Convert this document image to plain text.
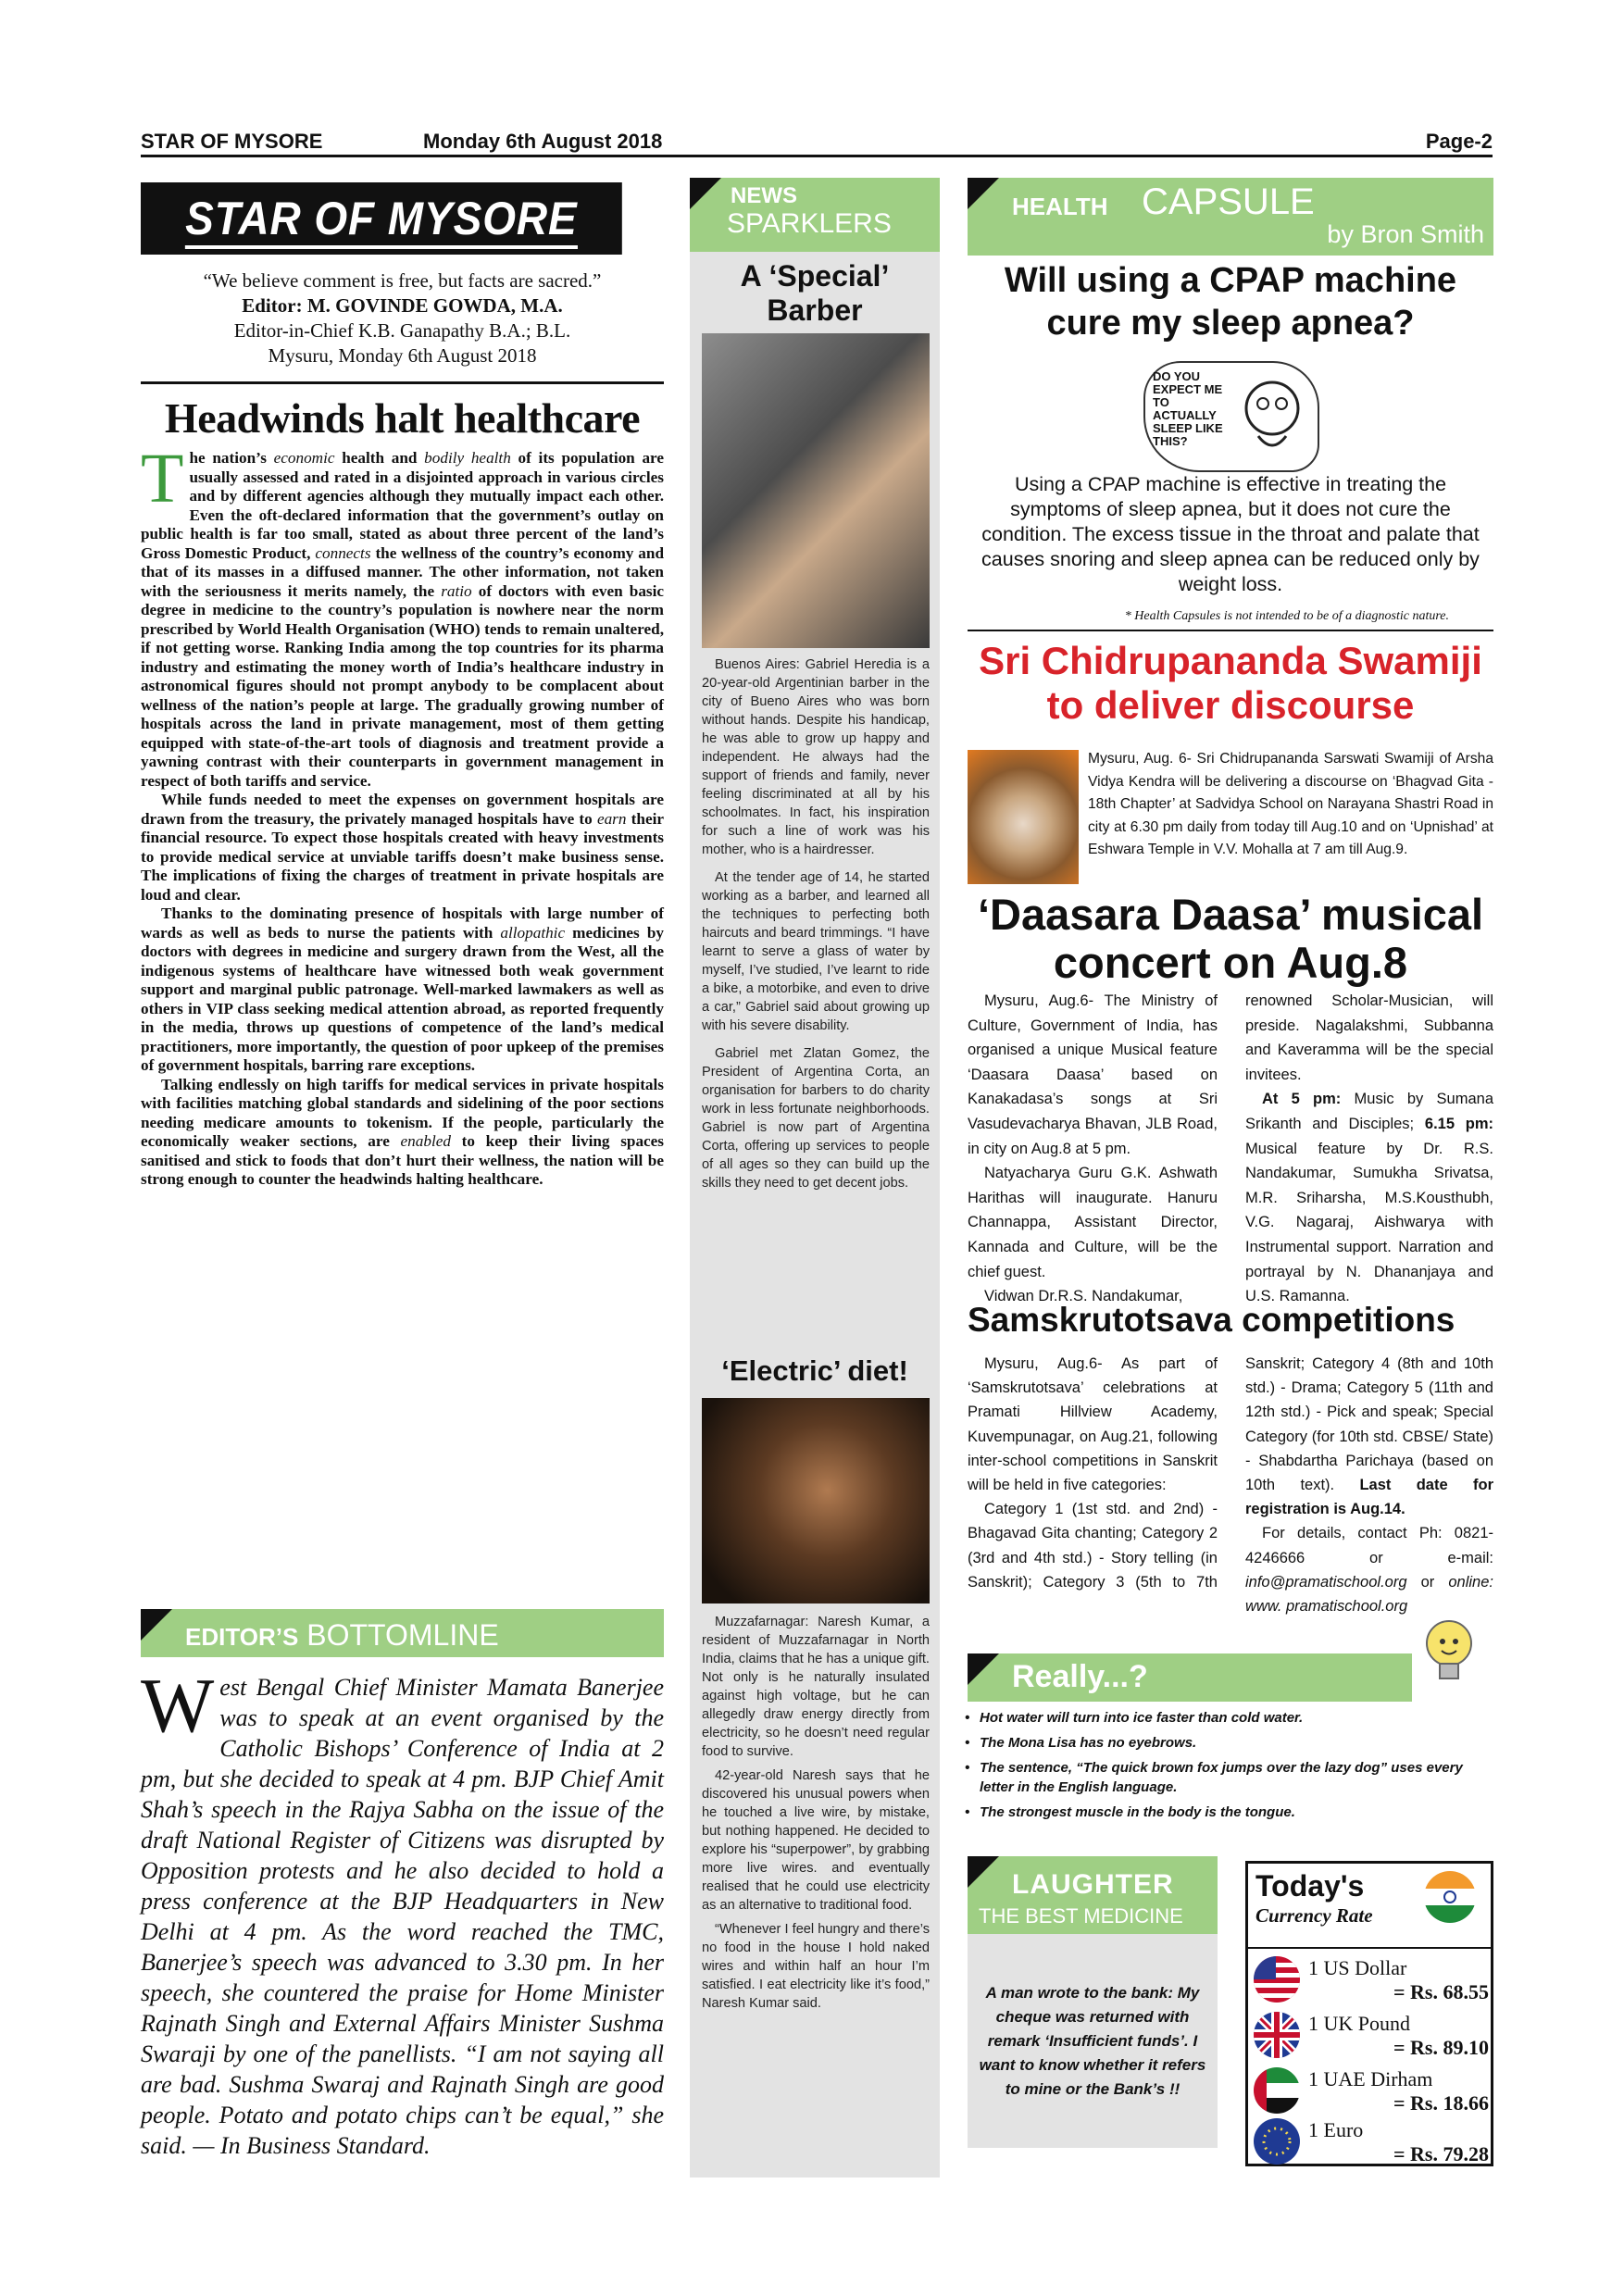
STAR OF MYSORE	Monday 6th August 2018	Page-2
STAR OF MYSORE
“We believe comment is free, but facts are sacred.”
Editor: M. GOVINDE GOWDA, M.A.
Editor-in-Chief K.B. Ganapathy B.A.; B.L.
Mysuru, Monday 6th August 2018
Headwinds halt healthcare

The nation’s economic health and bodily health of its population are usually assessed and rated in a disjointed approach in various circles and by different agencies although they mutually impact each other. Even the oft-declared information that the government’s outlay on public health is far too small, stated as about three percent of the land’s Gross Domestic Product, connects the wellness of the country’s economy and that of its masses in a diffused manner. The other information, not taken with the seriousness it merits namely, the ratio of doctors with even basic degree in medicine to the country’s population is nowhere near the norm prescribed by World Health Organisation (WHO) tends to remain unaltered, if not getting worse. Ranking India among the top countries for its pharma industry and estimating the money worth of India’s healthcare industry in astronomical figures should not prompt anybody to be complacent about wellness of the nation’s people at large. The gradually growing number of hospitals across the land in private management, most of them getting equipped with state-of-the-art tools of diagnosis and treatment provide a yawning contrast with their counterparts in government management in respect of both tariffs and service.

While funds needed to meet the expenses on government hospitals are drawn from the treasury, the privately managed hospitals have to earn their financial resource. To expect those hospitals created with heavy investments to provide medical service at unviable tariffs doesn’t make business sense. The implications of fixing the charges of treatment in private hospitals are loud and clear.

Thanks to the dominating presence of hospitals with large number of wards as well as beds to nurse the patients with allopathic medicines by doctors with degrees in medicine and surgery drawn from the West, all the indigenous systems of healthcare have witnessed both weak government support and marginal public patronage. Well-marked lawmakers as well as others in VIP class seeking medical attention abroad, as reported frequently in the media, throws up questions of competence of the land’s medical practitioners, more importantly, the question of poor upkeep of the premises of government hospitals, barring rare exceptions.

Talking endlessly on high tariffs for medical services in private hospitals with facilities matching global standards and sidelining of the poor sections needing medicare amounts to tokenism. If the people, particularly the economically weaker sections, are enabled to keep their living spaces sanitised and stick to foods that don’t hurt their wellness, the nation will be strong enough to counter the headwinds halting healthcare.

EDITOR’S BOTTOMLINE
West Bengal Chief Minister Mamata Banerjee was to speak at an event organised by the Catholic Bishops’ Conference of India at 2 pm, but she decided to speak at 4 pm. BJP Chief Amit Shah’s speech in the Rajya Sabha on the issue of the draft National Register of Citizens was disrupted by Opposition protests and he also decided to hold a press conference at the BJP Headquarters in New Delhi at 4 pm. As the word reached the TMC, Banerjee’s speech was advanced to 3.30 pm. In her speech, she countered the praise for Home Minister Rajnath Singh and External Affairs Minister Sushma Swaraji by one of the panellists. “I am not saying all are bad. Sushma Swaraj and Rajnath Singh are good people. Potato and potato chips can’t be equal,” she said. — In Business Standard.
NEWS
SPARKLERS
A ‘Special’ Barber

Buenos Aires: Gabriel Heredia is a 20-year-old Argentinian barber in the city of Bueno Aires who was born without hands. Despite his handicap, he was able to grow up happy and independent. He always had the support of friends and family, never feeling discriminated at all by his schoolmates. In fact, his inspiration for such a line of work was his mother, who is a hairdresser.

At the tender age of 14, he started working as a barber, and learned all the techniques to perfecting both haircuts and beard trimmings. “I have learnt to serve a glass of water by myself, I’ve studied, I’ve learnt to ride a bike, a motorbike, and even to drive a car,” Gabriel said about growing up with his severe disability.

Gabriel met Zlatan Gomez, the President of Argentina Corta, an organisation for barbers to do charity work in less fortunate neighborhoods. Gabriel is now part of Argentina Corta, offering up services to people of all ages so they can build up the skills they need to get decent jobs.

‘Electric’ diet!

Muzzafarnagar: Naresh Kumar, a resident of Muzzafarnagar in North India, claims that he has a unique gift. Not only is he naturally insulated against high voltage, but he can allegedly draw energy directly from electricity, so he doesn’t need regular food to survive.

42-year-old Naresh says that he discovered his unusual powers when he touched a live wire, by mistake, but nothing happened. He decided to explore his “superpower”, by grabbing more live wires. and eventually realised that he could use electricity as an alternative to traditional food.

“Whenever I feel hungry and there’s no food in the house I hold naked wires and within half an hour I’m satisfied. I eat electricity like it’s food,” Naresh Kumar said.

HEALTH CAPSULE
by Bron Smith
Will using a CPAP machine cure my sleep apnea?
DO YOU EXPECT ME TO ACTUALLY SLEEP LIKE THIS?
Using a CPAP machine is effective in treating the symptoms of sleep apnea, but it does not cure the condition. The excess tissue in the throat and palate that causes snoring and sleep apnea can be reduced only by weight loss.
* Health Capsules is not intended to be of a diagnostic nature.
Sri Chidrupananda Swamiji to deliver discourse
Mysuru, Aug. 6- Sri Chidrupananda Sarswati Swamiji of Arsha Vidya Kendra will be delivering a discourse on ‘Bhagvad Gita - 18th Chapter’ at Sadvidya School on Narayana Shastri Road in city at 6.30 pm daily from today till Aug.10 and on ‘Upnishad’ at Eshwara Temple in V.V. Mohalla at 7 am till Aug.9.
‘Daasara Daasa’ musical concert on Aug.8

Mysuru, Aug.6- The Ministry of Culture, Government of India, has organised a unique Musical feature ‘Daasara Daasa’ based on Kanakadasa’s songs at Sri Vasudevacharya Bhavan, JLB Road, in city on Aug.8 at 5 pm.

Natyacharya Guru G.K. Ashwath Harithas will inaugurate. Hanuru Channappa, Assistant Director, Kannada and Culture, will be the chief guest.

Vidwan Dr.R.S. Nandakumar,

renowned Scholar-Musician, will preside. Nagalakshmi, Subbanna and Kaveramma will be the special invitees.

At 5 pm: Music by Sumana Srikanth and Disciples; 6.15 pm: Musical feature by Dr. R.S. Nandakumar, Sumukha Srivatsa, M.R. Sriharsha, M.S.Kousthubh, V.G. Nagaraj, Aishwarya with Instrumental support. Narration and portrayal by N. Dhananjaya and U.S. Ramanna.

Samskrutotsava competitions

Mysuru, Aug.6- As part of ‘Samskrutotsava’ celebrations at Pramati Hillview Academy, Kuvempunagar, on Aug.21, following inter-school competitions in Sanskrit will be held in five categories:

Category 1 (1st std. and 2nd) - Bhagavad Gita chanting; Category 2 (3rd and 4th std.) - Story telling (in Sanskrit); Category 3 (5th to 7th

Sanskrit; Category 4 (8th and 10th std.) - Drama; Category 5 (11th and 12th std.) - Pick and speak; Special Category (for 10th std. CBSE/ State) - Shabdartha Parichaya (based on 10th text). Last date for registration is Aug.14.

For details, contact Ph: 0821-4246666 or e-mail: info@pramatischool.org or online: www. pramatischool.org

Really...?
• Hot water will turn into ice faster than cold water.
• The Mona Lisa has no eyebrows.
• The sentence, “The quick brown fox jumps over the lazy dog” uses every letter in the English language.
• The strongest muscle in the body is the tongue.
LAUGHTER
THE BEST MEDICINE
A man wrote to the bank: My cheque was returned with remark ‘Insufficient funds’. I want to know whether it refers to mine or the Bank’s !!
Today's
Currency Rate
1 US Dollar
= Rs. 68.55
1 UK Pound
= Rs. 89.10
1 UAE Dirham
= Rs. 18.66
1 Euro
= Rs. 79.28
